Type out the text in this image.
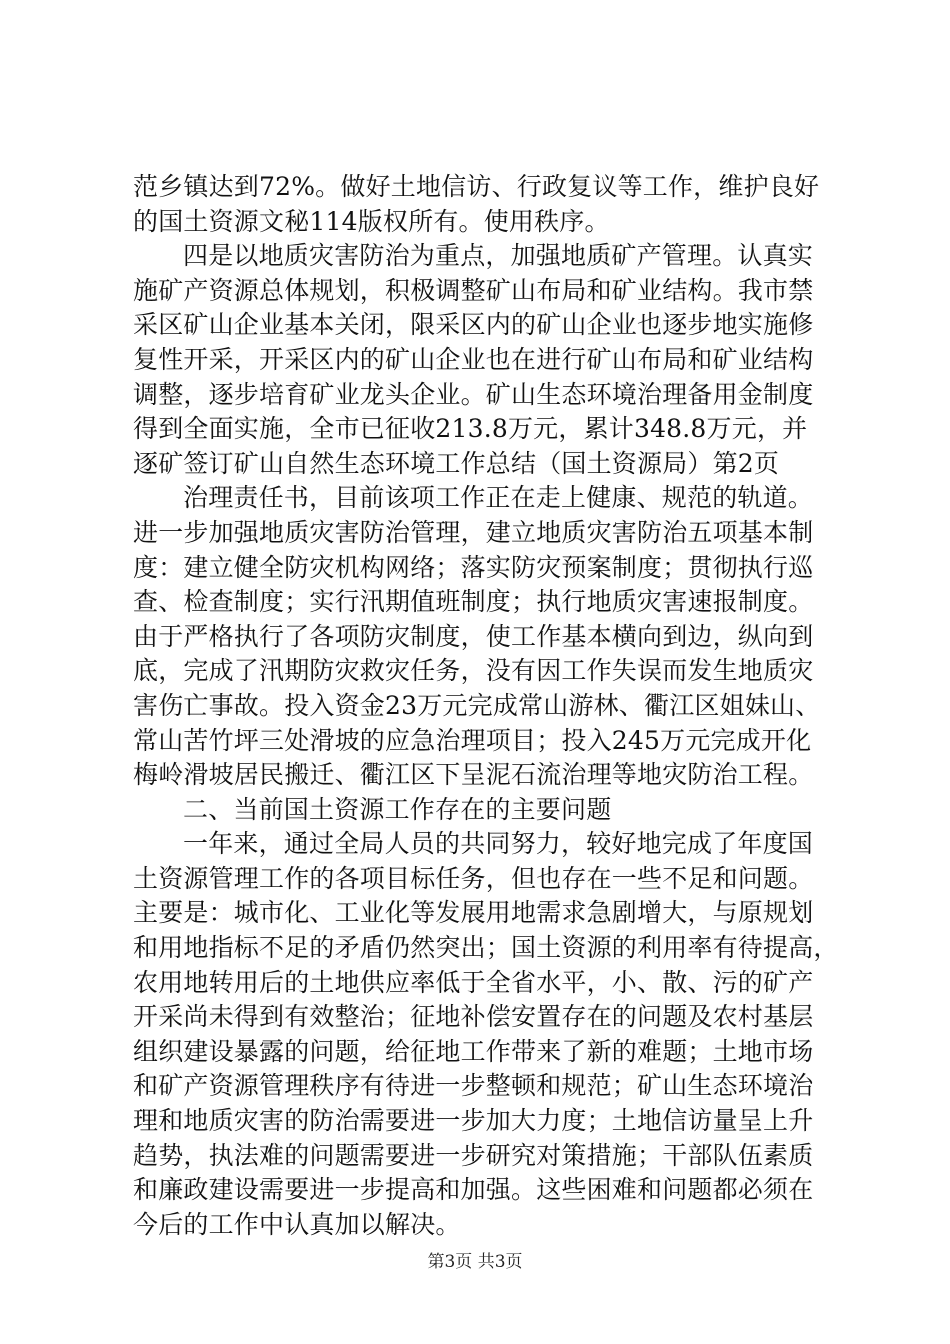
范乡镇达到72%。做好土地信访、行政复议等工作，维护良好
的国土资源文秘114版权所有。使用秩序。
四是以地质灾害防治为重点，加强地质矿产管理。认真实
施矿产资源总体规划，积极调整矿山布局和矿业结构。我市禁
采区矿山企业基本关闭，限采区内的矿山企业也逐步地实施修
复性开采，开采区内的矿山企业也在进行矿山布局和矿业结构
调整，逐步培育矿业龙头企业。矿山生态环境治理备用金制度
得到全面实施，全市已征收213.8万元，累计348.8万元，并
逐矿签订矿山自然生态环境工作总结（国土资源局）第2页
治理责任书，目前该项工作正在走上健康、规范的轨道。
进一步加强地质灾害防治管理，建立地质灾害防治五项基本制
度：建立健全防灾机构网络；落实防灾预案制度；贯彻执行巡
查、检查制度；实行汛期值班制度；执行地质灾害速报制度。
由于严格执行了各项防灾制度，使工作基本横向到边，纵向到
底，完成了汛期防灾救灾任务，没有因工作失误而发生地质灾
害伤亡事故。投入资金23万元完成常山游林、衢江区姐妹山、
常山苦竹坪三处滑坡的应急治理项目；投入245万元完成开化
梅岭滑坡居民搬迁、衢江区下呈泥石流治理等地灾防治工程。
二、当前国土资源工作存在的主要问题
一年来，通过全局人员的共同努力，较好地完成了年度国
土资源管理工作的各项目标任务，但也存在一些不足和问题。
主要是：城市化、工业化等发展用地需求急剧增大，与原规划
和用地指标不足的矛盾仍然突出；国土资源的利用率有待提高，
农用地转用后的土地供应率低于全省水平，小、散、污的矿产
开采尚未得到有效整治；征地补偿安置存在的问题及农村基层
组织建设暴露的问题，给征地工作带来了新的难题；土地市场
和矿产资源管理秩序有待进一步整顿和规范；矿山生态环境治
理和地质灾害的防治需要进一步加大力度；土地信访量呈上升
趋势，执法难的问题需要进一步研究对策措施；干部队伍素质
和廉政建设需要进一步提高和加强。这些困难和问题都必须在
今后的工作中认真加以解决。
第3页 共3页
